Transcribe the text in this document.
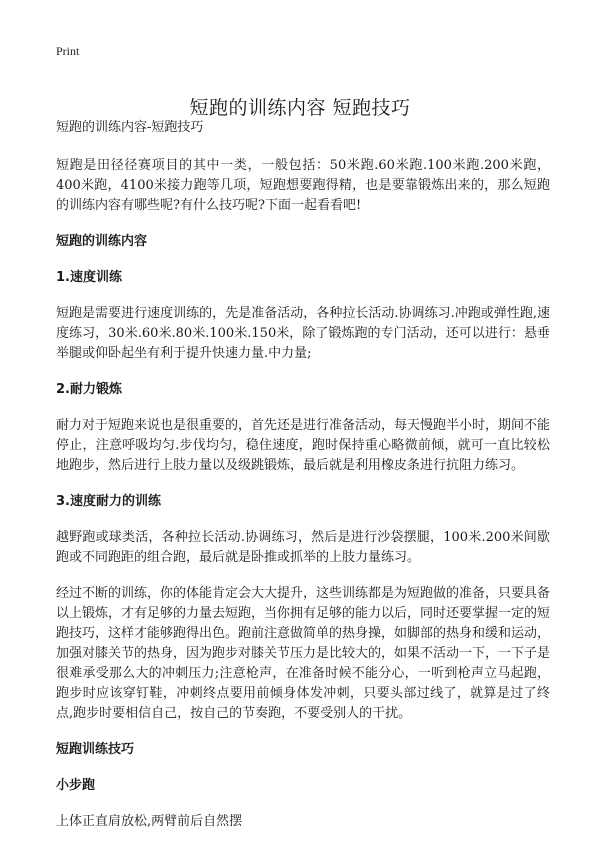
Print
短跑的训练内容 短跑技巧

短跑的训练内容-短跑技巧

短跑是田径径赛项目的其中一类，一般包括：50米跑.60米跑.100米跑.200米跑，400米跑，4100米接力跑等几项，短跑想要跑得精，也是要靠锻炼出来的，那么短跑的训练内容有哪些呢?有什么技巧呢?下面一起看看吧!

短跑的训练内容

1.速度训练

短跑是需要进行速度训练的，先是准备活动，各种拉长活动.协调练习.冲跑或弹性跑,速度练习，30米.60米.80米.100米.150米，除了锻炼跑的专门活动，还可以进行：悬垂举腿或仰卧起坐有利于提升快速力量.中力量;

2.耐力锻炼

耐力对于短跑来说也是很重要的，首先还是进行准备活动，每天慢跑半小时，期间不能停止，注意呼吸均匀.步伐均匀，稳住速度，跑时保持重心略微前倾，就可一直比较松地跑步，然后进行上肢力量以及级跳锻炼，最后就是利用橡皮条进行抗阻力练习。

3.速度耐力的训练

越野跑或球类活，各种拉长活动.协调练习，然后是进行沙袋摆腿，100米.200米间歇跑或不同跑距的组合跑，最后就是卧推或抓举的上肢力量练习。

经过不断的训练，你的体能肯定会大大提升，这些训练都是为短跑做的准备，只要具备以上锻炼，才有足够的力量去短跑，当你拥有足够的能力以后，同时还要掌握一定的短跑技巧，这样才能够跑得出色。跑前注意做简单的热身操，如脚部的热身和缓和运动，加强对膝关节的热身，因为跑步对膝关节压力是比较大的，如果不活动一下，一下子是很难承受那么大的冲刺压力;注意枪声，在准备时候不能分心，一听到枪声立马起跑，跑步时应该穿钉鞋，冲刺终点要用前倾身体发冲刺，只要头部过线了，就算是过了终点,跑步时要相信自己，按自己的节奏跑，不要受别人的干扰。

短跑训练技巧

小步跑

上体正直肩放松,两臂前后自然摆
